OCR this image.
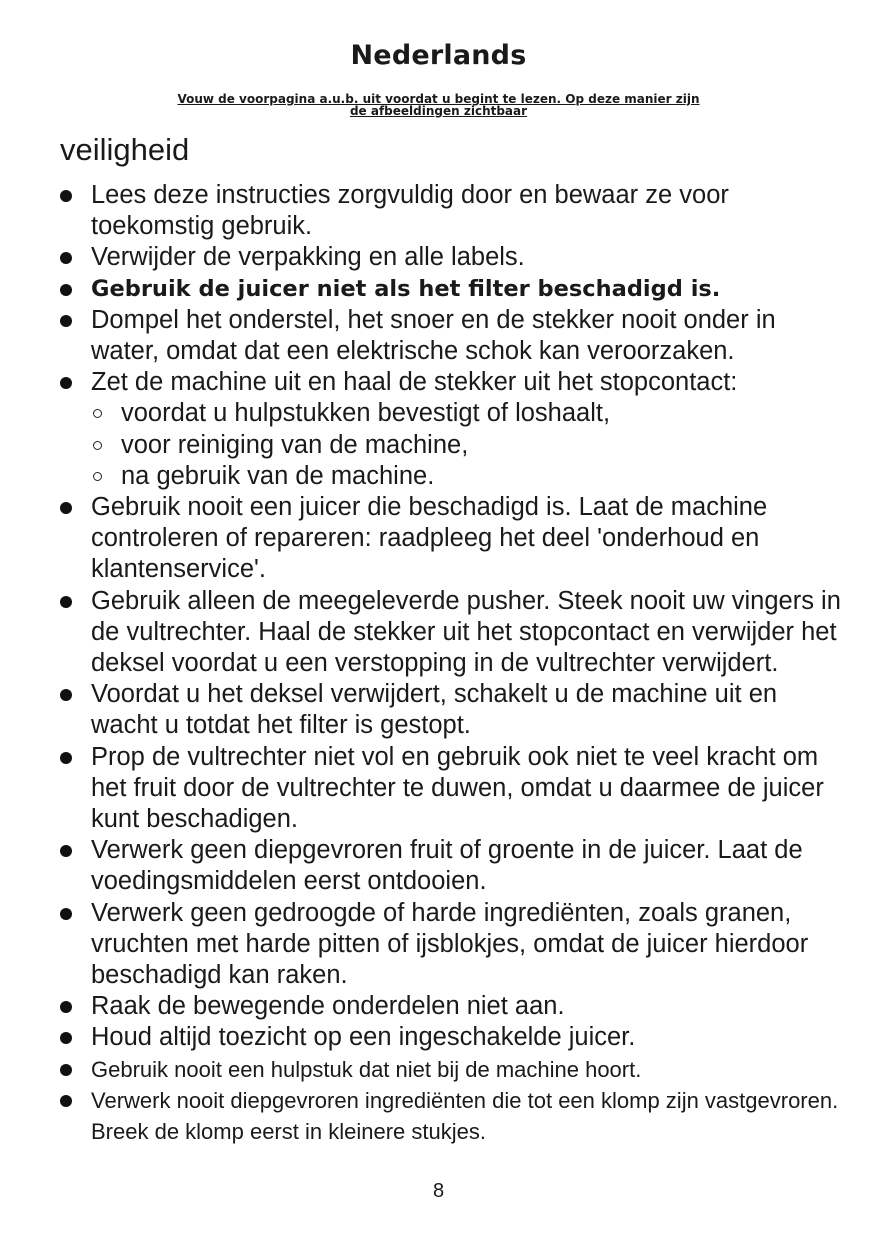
Nederlands
Vouw de voorpagina a.u.b. uit voordat u begint te lezen. Op deze manier zijn
de afbeeldingen zichtbaar
veiligheid
Lees deze instructies zorgvuldig door en bewaar ze voor toekomstig gebruik.
Verwijder de verpakking en alle labels.
Gebruik de juicer niet als het filter beschadigd is.
Dompel het onderstel, het snoer en de stekker nooit onder in water, omdat dat een elektrische schok kan veroorzaken.
Zet de machine uit en haal de stekker uit het stopcontact:
voordat u hulpstukken bevestigt of loshaalt,
voor reiniging van de machine,
na gebruik van de machine.
Gebruik nooit een juicer die beschadigd is. Laat de machine controleren of repareren: raadpleeg het deel 'onderhoud en klantenservice'.
Gebruik alleen de meegeleverde pusher. Steek nooit uw vingers in de vultrechter. Haal de stekker uit het stopcontact en verwijder het deksel voordat u een verstopping in de vultrechter verwijdert.
Voordat u het deksel verwijdert, schakelt u de machine uit en wacht u totdat het filter is gestopt.
Prop de vultrechter niet vol en gebruik ook niet te veel kracht om het fruit door de vultrechter te duwen, omdat u daarmee de juicer kunt beschadigen.
Verwerk geen diepgevroren fruit of groente in de juicer. Laat de voedingsmiddelen eerst ontdooien.
Verwerk geen gedroogde of harde ingrediënten, zoals granen, vruchten met harde pitten of ijsblokjes, omdat de juicer hierdoor beschadigd kan raken.
Raak de bewegende onderdelen niet aan.
Houd altijd toezicht op een ingeschakelde juicer.
Gebruik nooit een hulpstuk dat niet bij de machine hoort.
Verwerk nooit diepgevroren ingrediënten die tot een klomp zijn vastgevroren. Breek de klomp eerst in kleinere stukjes.
8
